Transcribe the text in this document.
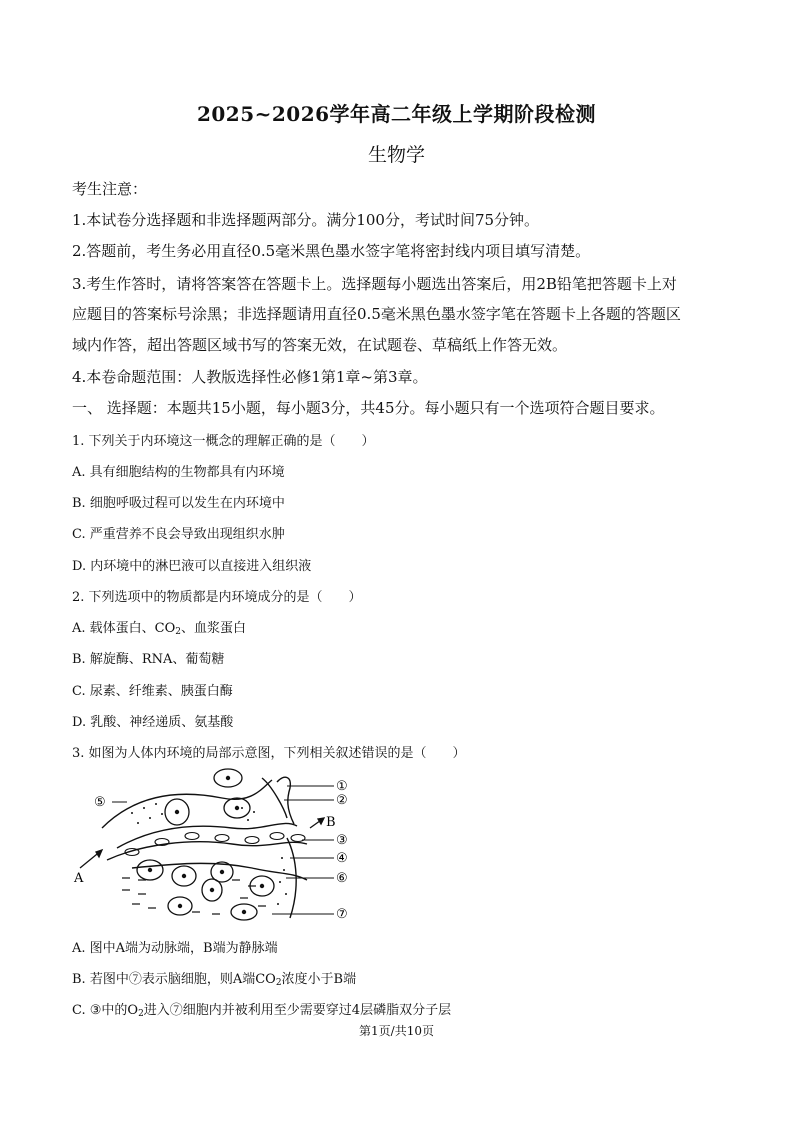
2025~2026学年高二年级上学期阶段检测
生物学
考生注意：
1.本试卷分选择题和非选择题两部分。满分100分，考试时间75分钟。
2.答题前，考生务必用直径0.5毫米黑色墨水签字笔将密封线内项目填写清楚。
3.考生作答时，请将答案答在答题卡上。选择题每小题选出答案后，用2B铅笔把答题卡上对
应题目的答案标号涂黑；非选择题请用直径0.5毫米黑色墨水签字笔在答题卡上各题的答题区
域内作答，超出答题区域书写的答案无效，在试题卷、草稿纸上作答无效。
4.本卷命题范围：人教版选择性必修1第1章~第3章。
一、 选择题：本题共15小题，每小题3分，共45分。每小题只有一个选项符合题目要求。
1. 下列关于内环境这一概念的理解正确的是（　　）
A. 具有细胞结构的生物都具有内环境
B. 细胞呼吸过程可以发生在内环境中
C. 严重营养不良会导致出现组织水肿
D. 内环境中的淋巴液可以直接进入组织液
2. 下列选项中的物质都是内环境成分的是（　　）
A. 载体蛋白、$CO_2$、血浆蛋白
B. 解旋酶、RNA、葡萄糖
C. 尿素、纤维素、胰蛋白酶
D. 乳酸、神经递质、氨基酸
3. 如图为人体内环境的局部示意图，下列相关叙述错误的是（　　）
A
B
⑤
①
②
③
④
⑥
⑦
A. 图中A端为动脉端，B端为静脉端
B. 若图中⑦表示脑细胞，则A端$CO_2$浓度小于B端
C. ③中的$O_2$进入⑦细胞内并被利用至少需要穿过4层磷脂双分子层
第1页/共10页
